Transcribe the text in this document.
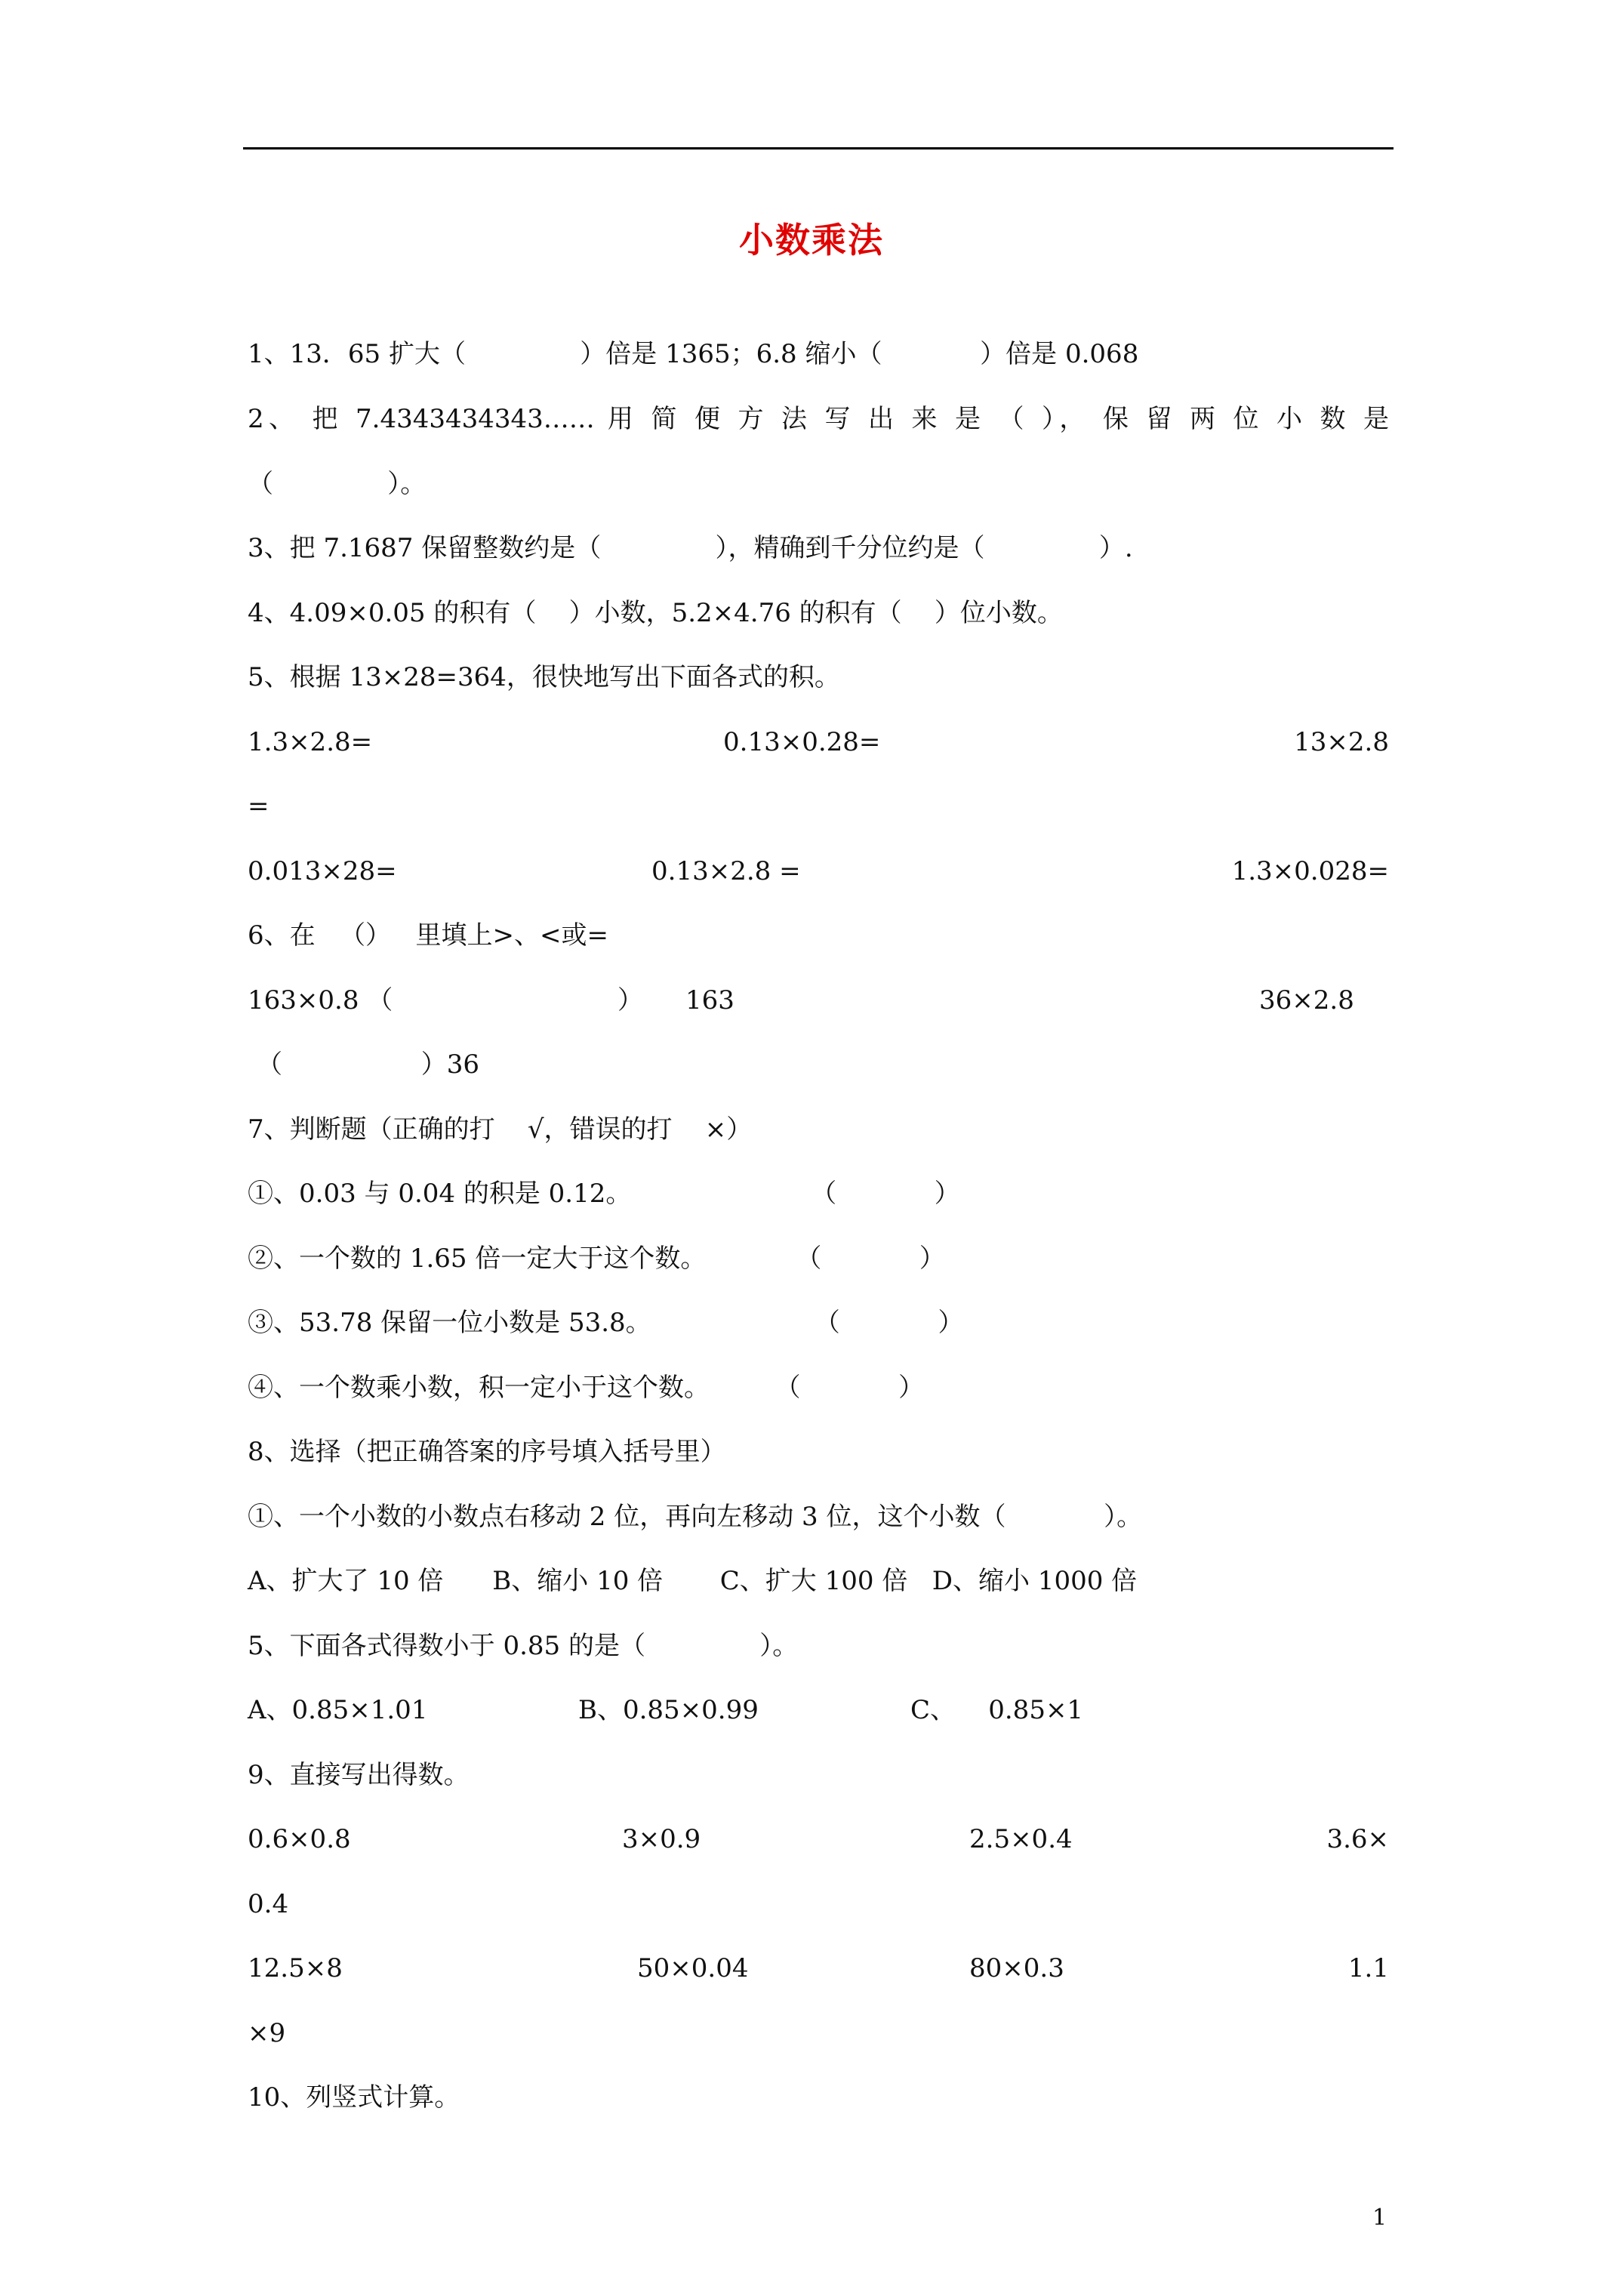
小数乘法
1、13．65 扩大（              ）倍是 1365；6.8 缩小（            ）倍是 0.068
2、 把 7.4343434343…… 用 简 便 方 法 写 出 来 是 （ ）， 保 留 两 位 小 数 是
（              ）。
3、把 7.1687 保留整数约是（              ），精确到千分位约是（              ）.
4、4.09×0.05 的积有（    ）小数，5.2×4.76 的积有（    ）位小数。
5、根据 13×28=364，很快地写出下面各式的积。
1.3×2.8=	0.13×0.28=	13×2.8
=
0.013×28=	0.13×2.8 =	1.3×0.028=
6、在   （）   里填上>、<或=
163×0.8 （	） 163	36×2.8
（                 ）36
7、判断题（正确的打    √，错误的打    ×）
①、0.03 与 0.04 的积是 0.12。                      （            ）
②、一个数的 1.65 倍一定大于这个数。           （            ）
③、53.78 保留一位小数是 53.8。                    （            ）
④、一个数乘小数，积一定小于这个数。        （            ）
8、选择（把正确答案的序号填入括号里）
①、一个小数的小数点右移动 2 位，再向左移动 3 位，这个小数（            ）。
A、扩大了 10 倍      B、缩小 10 倍       C、扩大 100 倍   D、缩小 1000 倍
5、下面各式得数小于 0.85 的是（              ）。
A、0.85×1.01	B、0.85×0.99	C、    0.85×1
9、直接写出得数。
0.6×0.8	3×0.9	2.5×0.4	3.6×
0.4
12.5×8	50×0.04	80×0.3	1.1
×9
10、列竖式计算。
1
